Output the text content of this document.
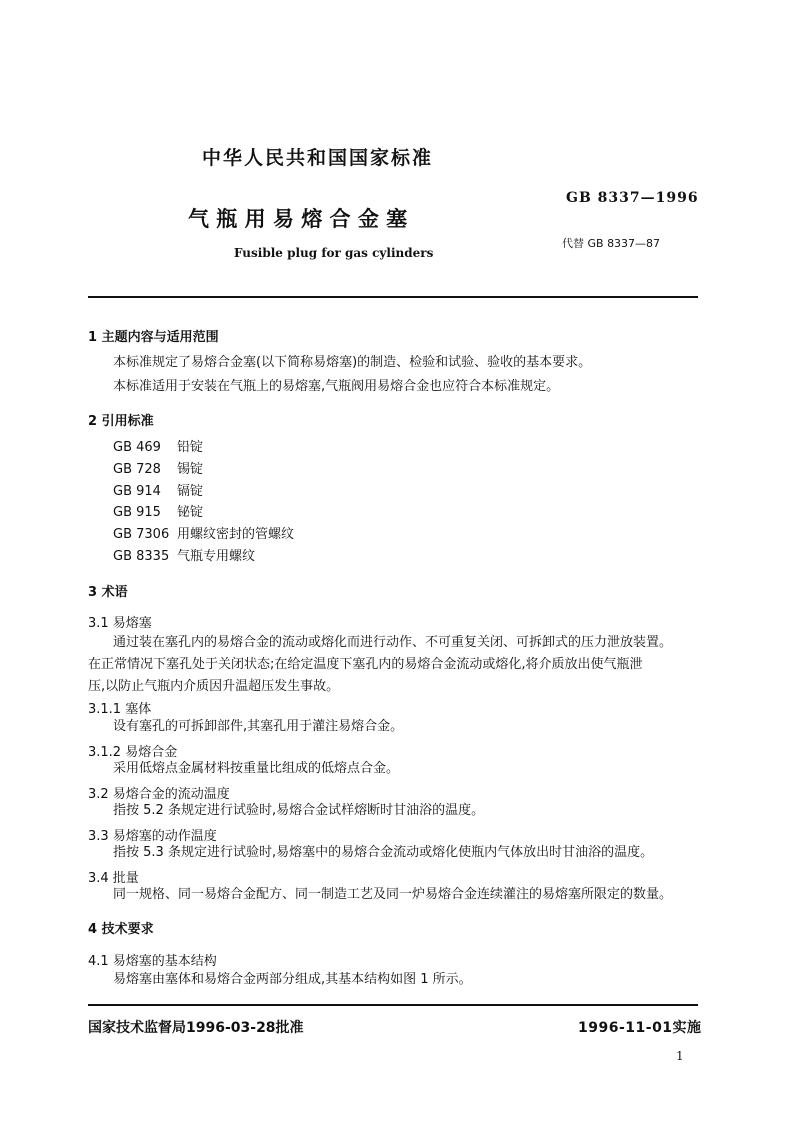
中华人民共和国国家标准
气 瓶 用 易 熔 合 金 塞
Fusible plug for gas cylinders
GB 8337—1996
代替 GB 8337—87
1 主题内容与适用范围
本标准规定了易熔合金塞(以下简称易熔塞)的制造、检验和试验、验收的基本要求。
本标准适用于安装在气瓶上的易熔塞,气瓶阀用易熔合金也应符合本标准规定。
2 引用标准
GB 469 铅锭
GB 728 锡锭
GB 914 镉锭
GB 915 铋锭
GB 7306 用螺纹密封的管螺纹
GB 8335 气瓶专用螺纹
3 术语
3.1 易熔塞
通过装在塞孔内的易熔合金的流动或熔化而进行动作、不可重复关闭、可拆卸式的压力泄放装置。
在正常情况下塞孔处于关闭状态;在给定温度下塞孔内的易熔合金流动或熔化,将介质放出使气瓶泄
压,以防止气瓶内介质因升温超压发生事故。
3.1.1 塞体
设有塞孔的可拆卸部件,其塞孔用于灌注易熔合金。
3.1.2 易熔合金
采用低熔点金属材料按重量比组成的低熔点合金。
3.2 易熔合金的流动温度
指按 5.2 条规定进行试验时,易熔合金试样熔断时甘油浴的温度。
3.3 易熔塞的动作温度
指按 5.3 条规定进行试验时,易熔塞中的易熔合金流动或熔化使瓶内气体放出时甘油浴的温度。
3.4 批量
同一规格、同一易熔合金配方、同一制造工艺及同一炉易熔合金连续灌注的易熔塞所限定的数量。
4 技术要求
4.1 易熔塞的基本结构
易熔塞由塞体和易熔合金两部分组成,其基本结构如图 1 所示。
国家技术监督局1996-03-28批准	1996-11-01实施
1
